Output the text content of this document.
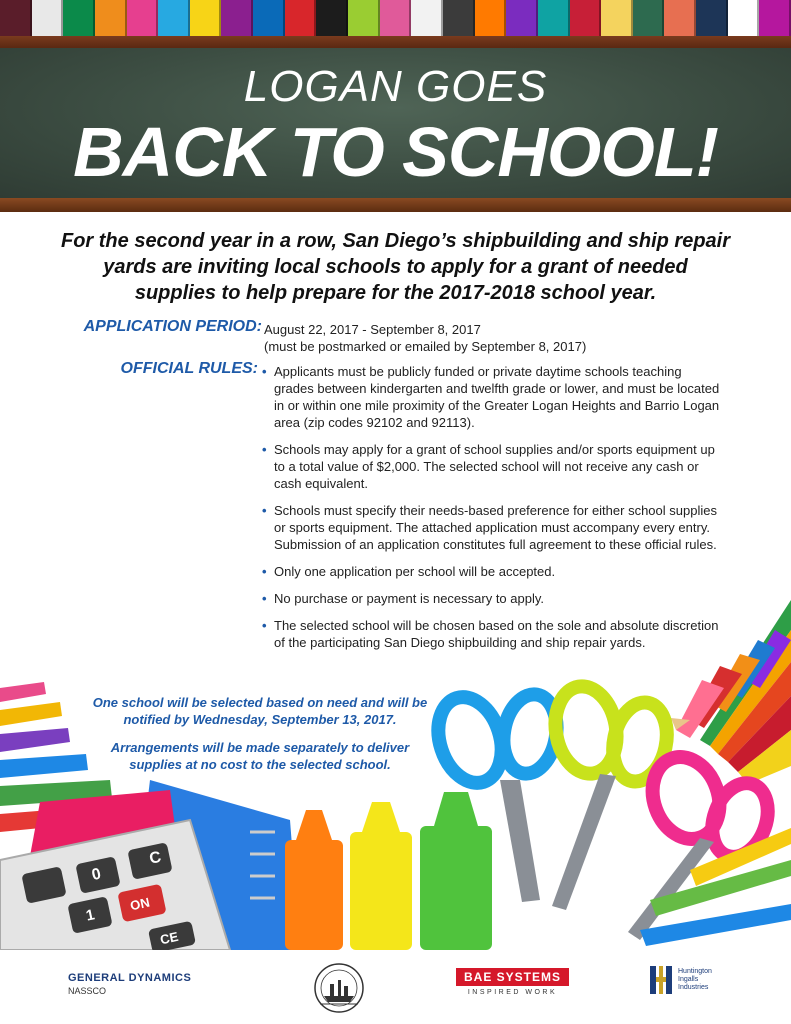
LOGAN GOES
BACK TO SCHOOL!
For the second year in a row, San Diego’s shipbuilding and ship repair yards are inviting local schools to apply for a grant of needed supplies to help prepare for the 2017-2018 school year.
APPLICATION PERIOD: August 22, 2017 - September 8, 2017
(must be postmarked or emailed by September 8, 2017)
OFFICIAL RULES: • Applicants must be publicly funded or private daytime schools teaching grades between kindergarten and twelfth grade or lower, and must be located in or within one mile proximity of the Greater Logan Heights and Barrio Logan area (zip codes 92102 and 92113).
• Schools may apply for a grant of school supplies and/or sports equipment up to a total value of $2,000. The selected school will not receive any cash or cash equivalent.
• Schools must specify their needs-based preference for either school supplies or sports equipment. The attached application must accompany every entry. Submission of an application constitutes full agreement to these official rules.
• Only one application per school will be accepted.
• No purchase or payment is necessary to apply.
• The selected school will be chosen based on the sole and absolute discretion of the participating San Diego shipbuilding and ship repair yards.
C
0
ON
1
CE
One school will be selected based on need and will be notified by Wednesday, September 13, 2017.
Arrangements will be made separately to deliver supplies at no cost to the selected school.
GENERAL DYNAMICS
NASSCO
BAE SYSTEMS
INSPIRED WORK
Huntington
Ingalls
Industries
